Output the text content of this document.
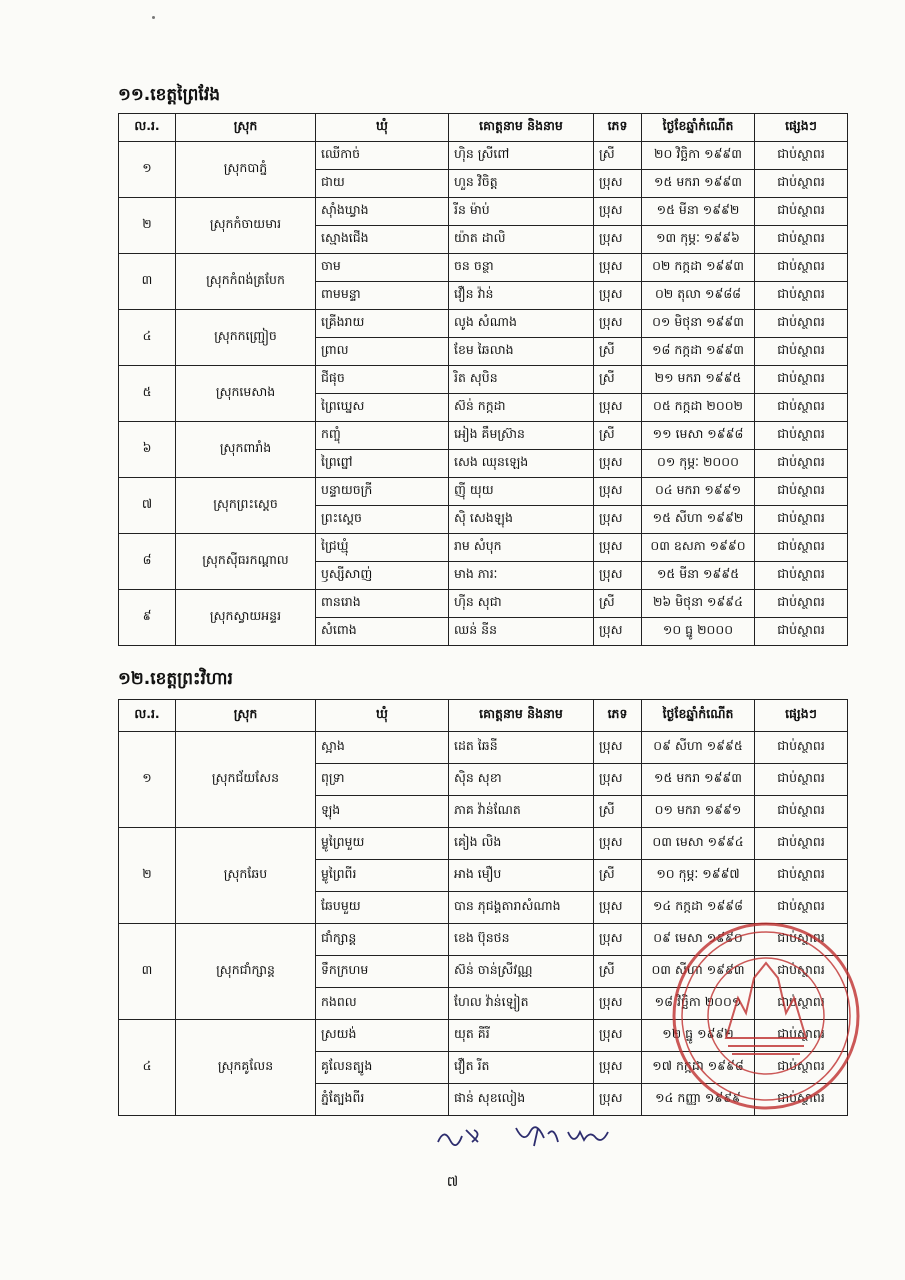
១១.ខេត្តព្រៃវែង
ល.រ.	ស្រុក	ឃុំ	គោត្តនាម និងនាម	ភេទ	ថ្ងៃខែឆ្នាំកំណើត	ផ្សេងៗ
១	ស្រុកបាភ្នំ	ឈើកាច់	ហ៊ិន ស្រីពៅ	ស្រី	២០ វិច្ឆិកា ១៩៩៣	ជាប់ស្ថាពរ
		ជាយ	ហួន វិចិត្ត	ប្រុស	១៥ មករា ១៩៩៣	ជាប់ស្ថាពរ
២	ស្រុកកំចាយមារ	ស៊ាំងឃ្វាង	រីន ម៉ាប់	ប្រុស	១៥ មីនា ១៩៩២	ជាប់ស្ថាពរ
		ស្មោងជើង	យ៉ាត ដាលិ	ប្រុស	១៣ កុម្ភៈ ១៩៩៦	ជាប់ស្ថាពរ
៣	ស្រុកកំពង់ត្របែក	ចាម	ចន ចន្ថា	ប្រុស	០២ កក្កដា ១៩៩៣	ជាប់ស្ថាពរ
		ពាមមន្ទា	វឿន វ៉ាន់	ប្រុស	០២ តុលា ១៩៨៨	ជាប់ស្ថាពរ
៤	ស្រុកកញ្ជ្រៀច	គ្រើងរាយ	លូង សំណាង	ប្រុស	០១ មិថុនា ១៩៩៣	ជាប់ស្ថាពរ
		ព្រាល	ខែម ឆៃលាង	ស្រី	១៨ កក្កដា ១៩៩៣	ជាប់ស្ថាពរ
៥	ស្រុកមេសាង	ជីផុច	រិត សុបិន	ស្រី	២១ មករា ១៩៩៥	ជាប់ស្ថាពរ
		ព្រៃឃ្នេស	ស៊ន់ កក្កដា	ប្រុស	០៥ កក្កដា ២០០២	ជាប់ស្ថាពរ
៦	ស្រុកពារាំង	កញ្ចុំ	អៀង គឹមស្រ៊ាន	ស្រី	១១ មេសា ១៩៩៨	ជាប់ស្ថាពរ
		ព្រៃព្នៅ	សេង ឈុនឡេង	ប្រុស	០១ កុម្ភៈ ២០០០	ជាប់ស្ថាពរ
៧	ស្រុកព្រះស្ដេច	បន្ទាយចក្រី	ញ៉ី យុយ	ប្រុស	០៤ មករា ១៩៩១	ជាប់ស្ថាពរ
		ព្រះស្ដេច	ស៊ិ សេងឡុង	ប្រុស	១៥ សីហា ១៩៩២	ជាប់ស្ថាពរ
៨	ស្រុកស៊ីធរកណ្ដាល	ជ្រៃឃ្មុំ	រាម សំបុក	ប្រុស	០៣ ឧសភា ១៩៩០	ជាប់ស្ថាពរ
		ឫស្សីសាញ់	មាង ភារៈ	ប្រុស	១៥ មីនា ១៩៩៥	ជាប់ស្ថាពរ
៩	ស្រុកស្វាយអន្ទរ	ពានរោង	ហ៊ីន សុជា	ស្រី	២៦ មិថុនា ១៩៩៤	ជាប់ស្ថាពរ
		សំពោង	ឈន់ នីន	ប្រុស	១០ ធ្នូ ២០០០	ជាប់ស្ថាពរ
១២.ខេត្តព្រះវិហារ
ល.រ.	ស្រុក	ឃុំ	គោត្តនាម និងនាម	ភេទ	ថ្ងៃខែឆ្នាំកំណើត	ផ្សេងៗ
១	ស្រុកជ័យសែន	ស្អាង	ដេត ឆៃនី	ប្រុស	០៩ សីហា ១៩៩៥	ជាប់ស្ថាពរ
		ពុទ្រា	ស៊ិន សុខា	ប្រុស	១៥ មករា ១៩៩៣	ជាប់ស្ថាពរ
		ឡុង	ភាគ វ៉ាន់ណែត	ស្រី	០១ មករា ១៩៩១	ជាប់ស្ថាពរ
២	ស្រុកឆែប	ម្លូព្រៃមួយ	គៀង លិង	ប្រុស	០៣ មេសា ១៩៩៤	ជាប់ស្ថាពរ
		ម្លូព្រៃពីរ	អាង មឿប	ស្រី	១០ កុម្ភៈ ១៩៩៧	ជាប់ស្ថាពរ
		ឆែបមួយ	បាន ភុជង្គតារាសំណាង	ប្រុស	១៤ កក្កដា ១៩៩៨	ជាប់ស្ថាពរ
៣	ស្រុកជាំក្សាន្ត	ជាំក្សាន្ត	ខេង ប៊ុនថន	ប្រុស	០៩ មេសា ១៩៩០	ជាប់ស្ថាពរ
		ទឹកក្រហម	ស៊ន់ ចាន់ស្រីវណ្ណ	ស្រី	០៣ សីហា ១៩៩៣	ជាប់ស្ថាពរ
		កងពល	ហែល វ៉ាន់ឡៀត	ប្រុស	១៨ វិច្ឆិកា ២០០១	ជាប់ស្ថាពរ
៤	ស្រុកគូលែន	ស្រយង់	យុត គីរី	ប្រុស	១២ ធ្នូ ១៩៩២	ជាប់ស្ថាពរ
		គូលែនត្បូង	វឿត រីត	ប្រុស	១៧ កក្កដា ១៩៩៨	ជាប់ស្ថាពរ
		ភ្នំត្បែងពីរ	ផាន់ សុខលៀង	ប្រុស	១៤ កញ្ញា ១៩៩៩	ជាប់ស្ថាពរ
៧
